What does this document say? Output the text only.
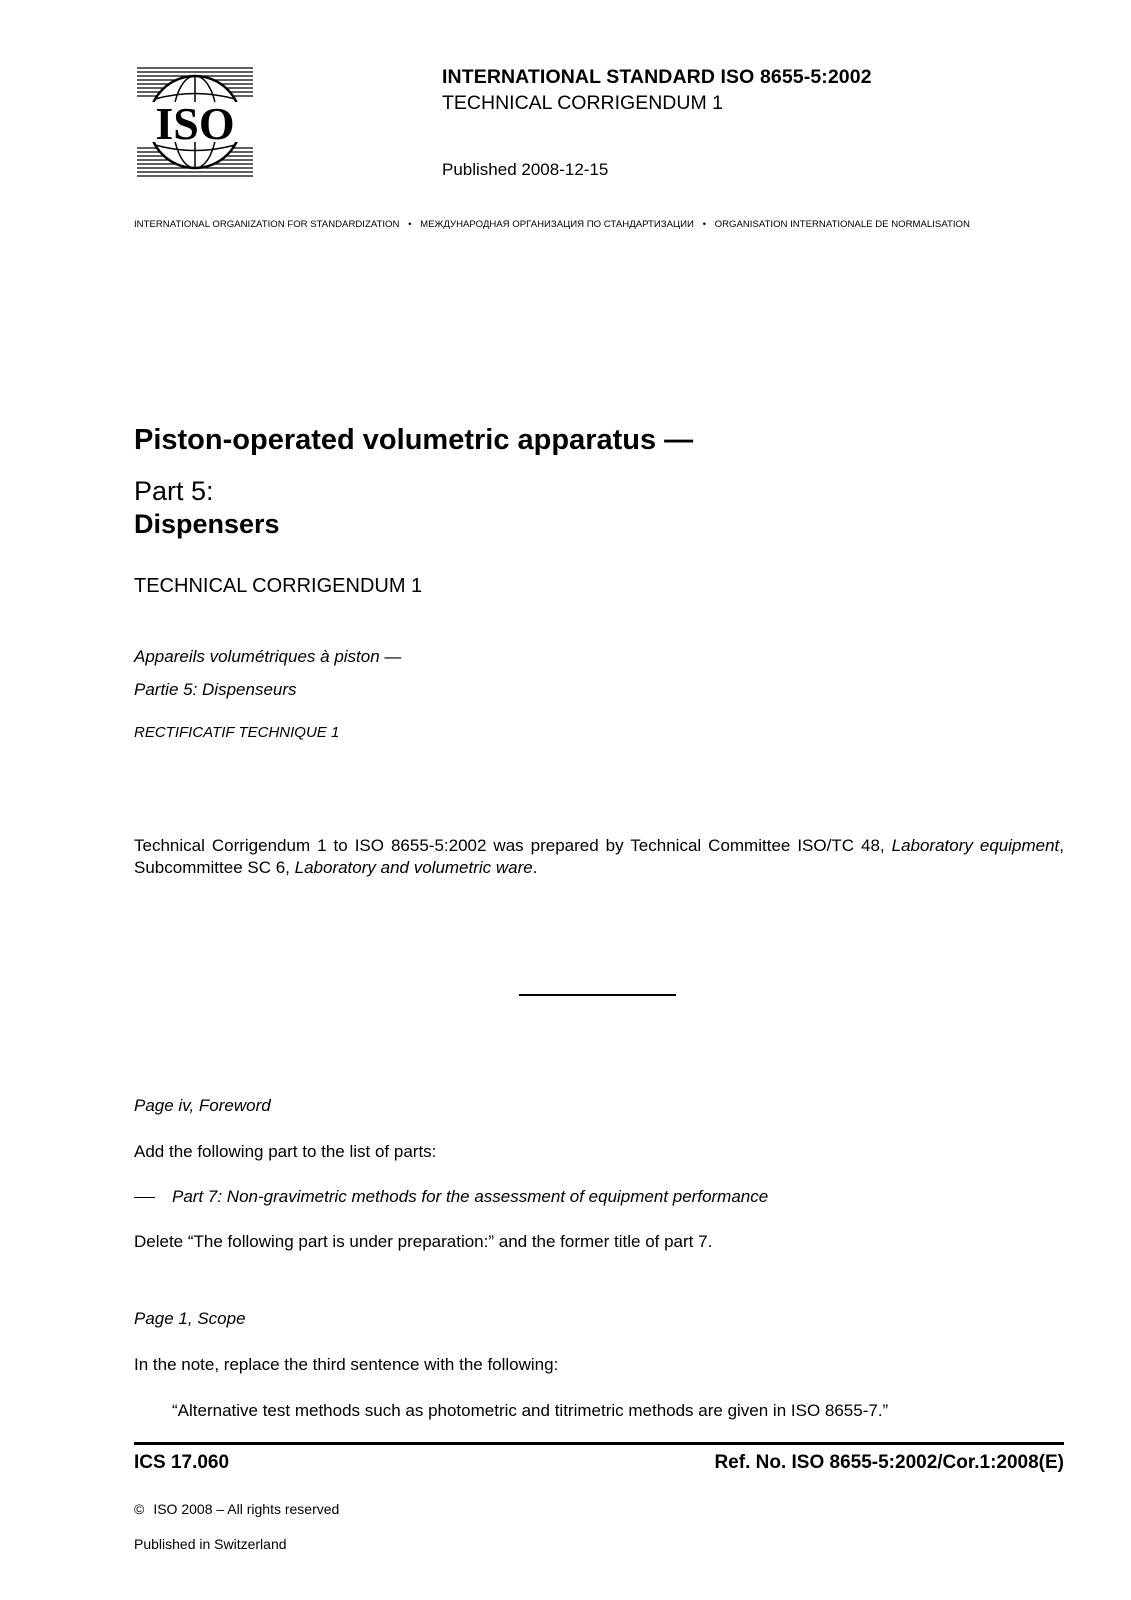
ISO
INTERNATIONAL STANDARD ISO 8655-5:2002
TECHNICAL CORRIGENDUM 1
Published 2008-12-15
INTERNATIONAL ORGANIZATION FOR STANDARDIZATION • МЕЖДУНАРОДНАЯ ОРГАНИЗАЦИЯ ПО СТАНДАРТИЗАЦИИ • ORGANISATION INTERNATIONALE DE NORMALISATION
Piston-operated volumetric apparatus —
Part 5:
Dispensers
TECHNICAL CORRIGENDUM 1
Appareils volumétriques à piston —
Partie 5: Dispenseurs
RECTIFICATIF TECHNIQUE 1
Technical Corrigendum 1 to ISO 8655-5:2002 was prepared by Technical Committee ISO/TC 48, Laboratory equipment, Subcommittee SC 6, Laboratory and volumetric ware.
Page iv, Foreword
Add the following part to the list of parts:
Part 7: Non-gravimetric methods for the assessment of equipment performance
Delete “The following part is under preparation:” and the former title of part 7.
Page 1, Scope
In the note, replace the third sentence with the following:
“Alternative test methods such as photometric and titrimetric methods are given in ISO 8655-7.”
ICS 17.060	Ref. No. ISO 8655-5:2002/Cor.1:2008(E)
© ISO 2008 – All rights reserved
Published in Switzerland
